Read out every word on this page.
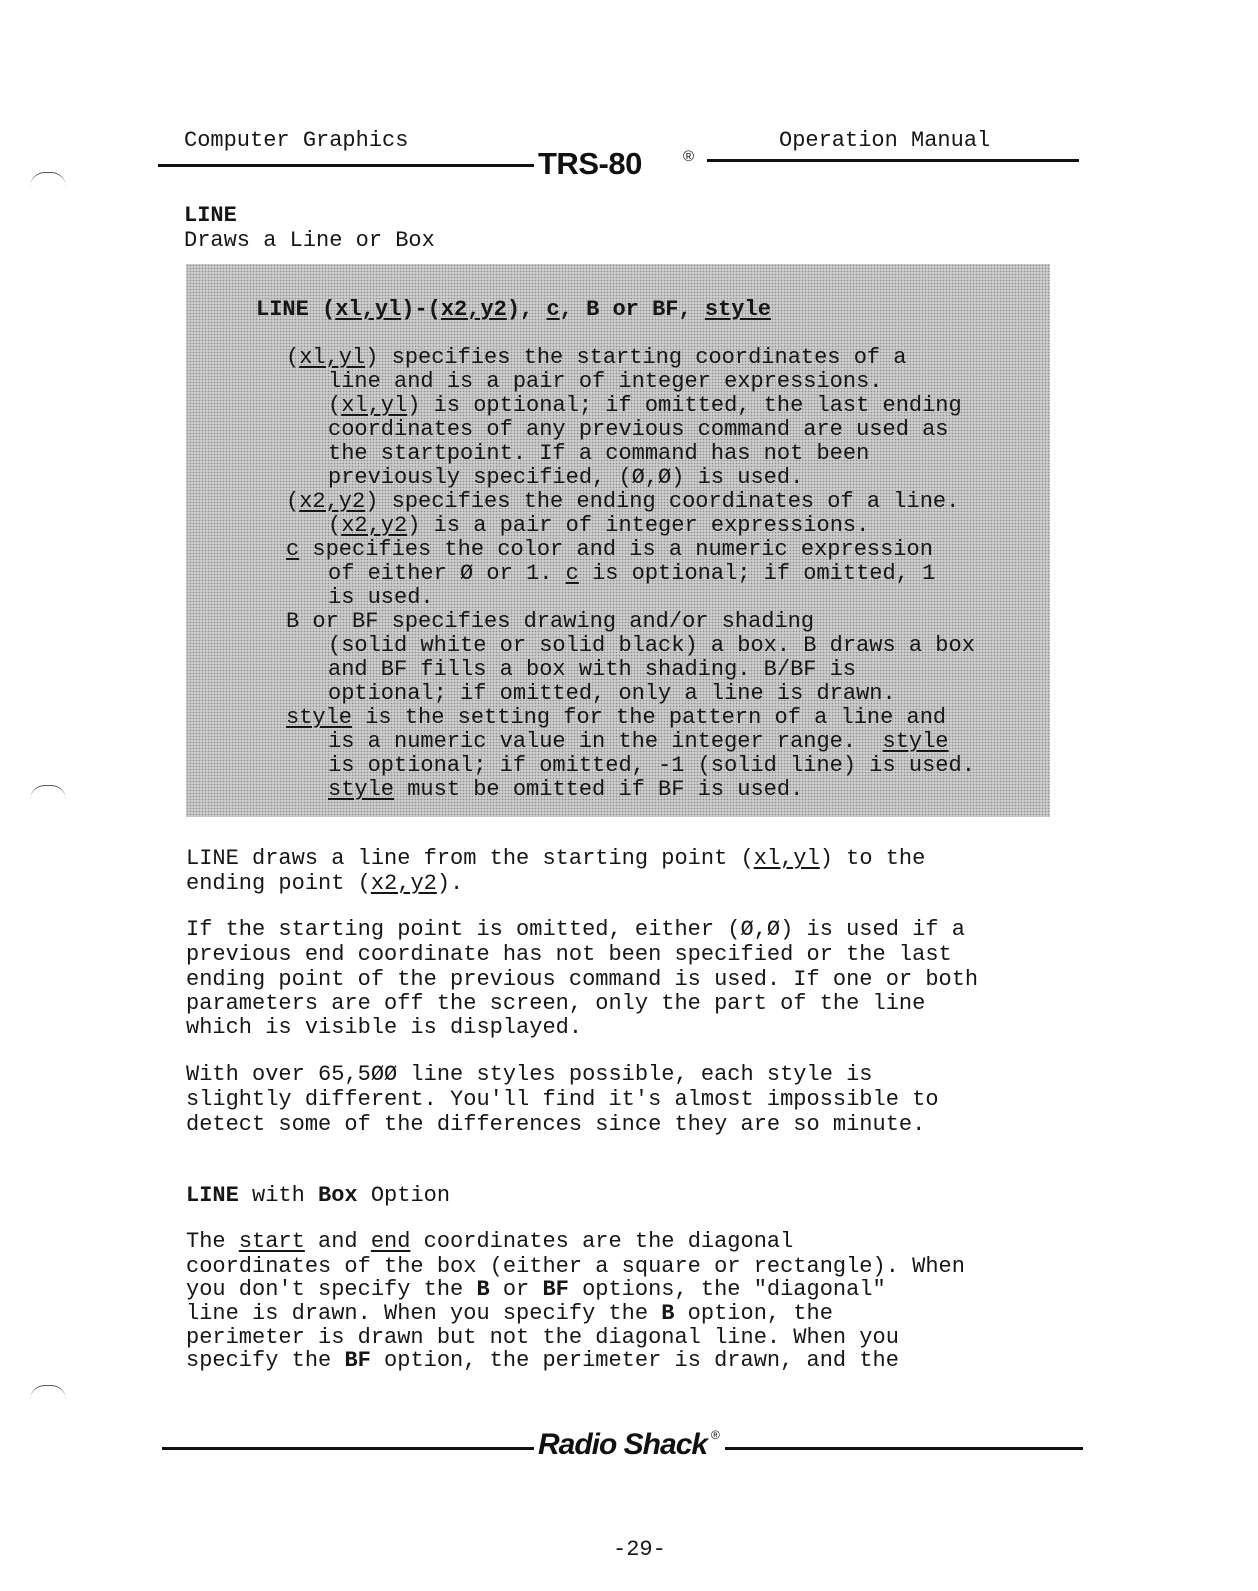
Computer Graphics	Operation Manual
TRS-80	®
LINE
Draws a Line or Box
LINE (xl,yl)-(x2,y2), c, B or BF, style
(xl,yl) specifies the starting coordinates of a
line and is a pair of integer expressions.
(xl,yl) is optional; if omitted, the last ending
coordinates of any previous command are used as
the startpoint. If a command has not been
previously specified, (Ø,Ø) is used.
(x2,y2) specifies the ending coordinates of a line.
(x2,y2) is a pair of integer expressions.
c specifies the color and is a numeric expression
of either Ø or 1. c is optional; if omitted, 1
is used.
B or BF specifies drawing and/or shading
(solid white or solid black) a box. B draws a box
and BF fills a box with shading. B/BF is
optional; if omitted, only a line is drawn.
style is the setting for the pattern of a line and
is a numeric value in the integer range. style
is optional; if omitted, -1 (solid line) is used.
style must be omitted if BF is used.
LINE draws a line from the starting point (xl,yl) to the
ending point (x2,y2).
If the starting point is omitted, either (Ø,Ø) is used if a
previous end coordinate has not been specified or the last
ending point of the previous command is used. If one or both
parameters are off the screen, only the part of the line
which is visible is displayed.
With over 65,5ØØ line styles possible, each style is
slightly different. You'll find it's almost impossible to
detect some of the differences since they are so minute.
LINE with Box Option
The start and end coordinates are the diagonal
coordinates of the box (either a square or rectangle). When
you don't specify the B or BF options, the "diagonal"
line is drawn. When you specify the B option, the
perimeter is drawn but not the diagonal line. When you
specify the BF option, the perimeter is drawn, and the
Radio Shack ®
-29-
